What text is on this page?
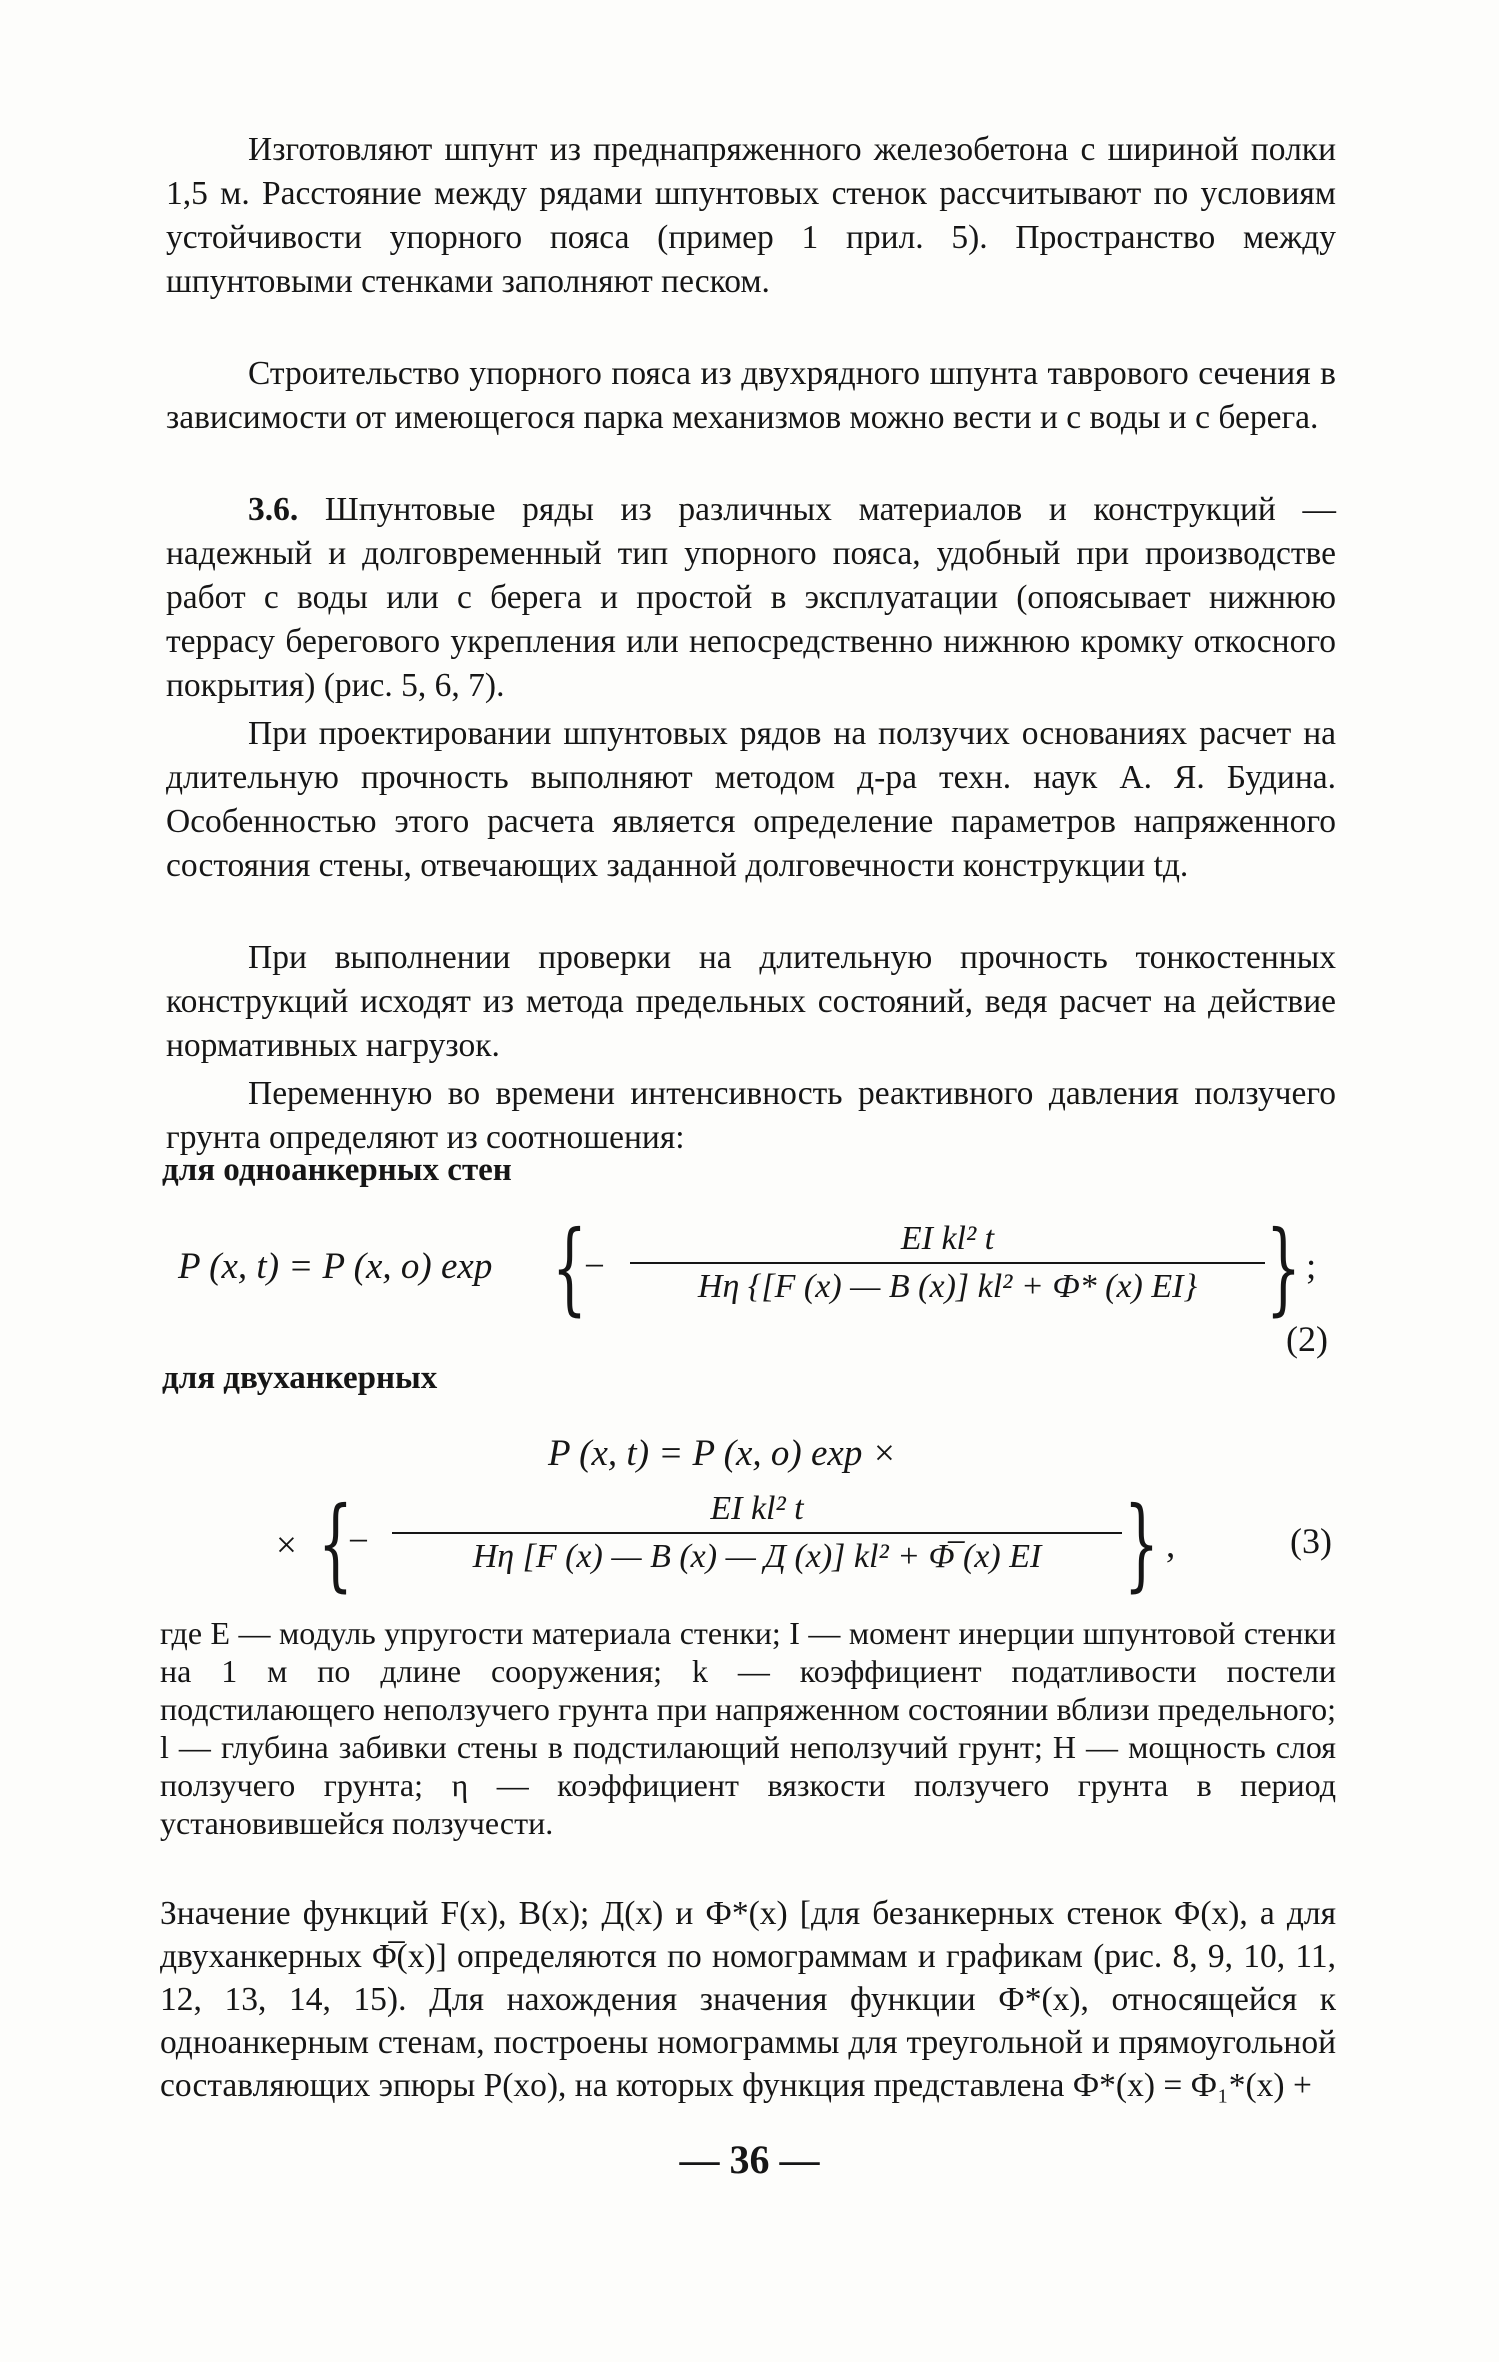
Изготовляют шпунт из преднапряженного железобетона с шириной полки 1,5 м. Расстояние между рядами шпунтовых стенок рассчитывают по условиям устойчивости упорного пояса (пример 1 прил. 5). Пространство между шпунтовыми стенками заполняют песком.

Строительство упорного пояса из двухрядного шпунта таврового сечения в зависимости от имеющегося парка механизмов можно вести и с воды и с берега.

3.6. Шпунтовые ряды из различных материалов и конструкций — надежный и долговременный тип упорного пояса, удобный при производстве работ с воды или с берега и простой в эксплуатации (опоясывает нижнюю террасу берегового укрепления или непосредственно нижнюю кромку откосного покрытия) (рис. 5, 6, 7).

При проектировании шпунтовых рядов на ползучих основаниях расчет на длительную прочность выполняют методом д-ра техн. наук А. Я. Будина. Особенностью этого расчета является определение параметров напряженного состояния стены, отвечающих заданной долговечности конструкции tд.

При выполнении проверки на длительную прочность тонкостенных конструкций исходят из метода предельных состояний, ведя расчет на действие нормативных нагрузок.

Переменную во времени интенсивность реактивного давления ползучего грунта определяют из соотношения:

для одноанкерных стен

P (x, t) = P (x, o) exp {
−
EI kl² t
Hη {[F (x) — B (x)] kl² + Ф* (x) EI} } ;
(2)

для двуханкерных

P (x, t) = P (x, o) exp ×
× {
−
EI kl² t
Hη [F (x) — B (x) — Д (x)] kl² + Φ̅ (x) EI } ,	(3)

где E — модуль упругости материала стенки; I — момент инерции шпунтовой стенки на 1 м по длине сооружения; k — коэффициент податливости постели подстилающего неползучего грунта при напряженном состоянии вблизи предельного; l — глубина забивки стены в подстилающий неползучий грунт; H — мощность слоя ползучего грунта; η — коэффициент вязкости ползучего грунта в период установившейся ползучести.

Значение функций F(x), B(x); Д(x) и Ф*(x) [для безанкерных стенок Ф(x), а для двуханкерных Φ̅(x)] определяются по номограммам и графикам (рис. 8, 9, 10, 11, 12, 13, 14, 15). Для нахождения значения функции Ф*(x), относящейся к одноанкерным стенам, построены номограммы для треугольной и прямоугольной составляющих эпюры P(xo), на которых функция представлена Ф*(x) = Ф₁*(x) +

— 36 —
